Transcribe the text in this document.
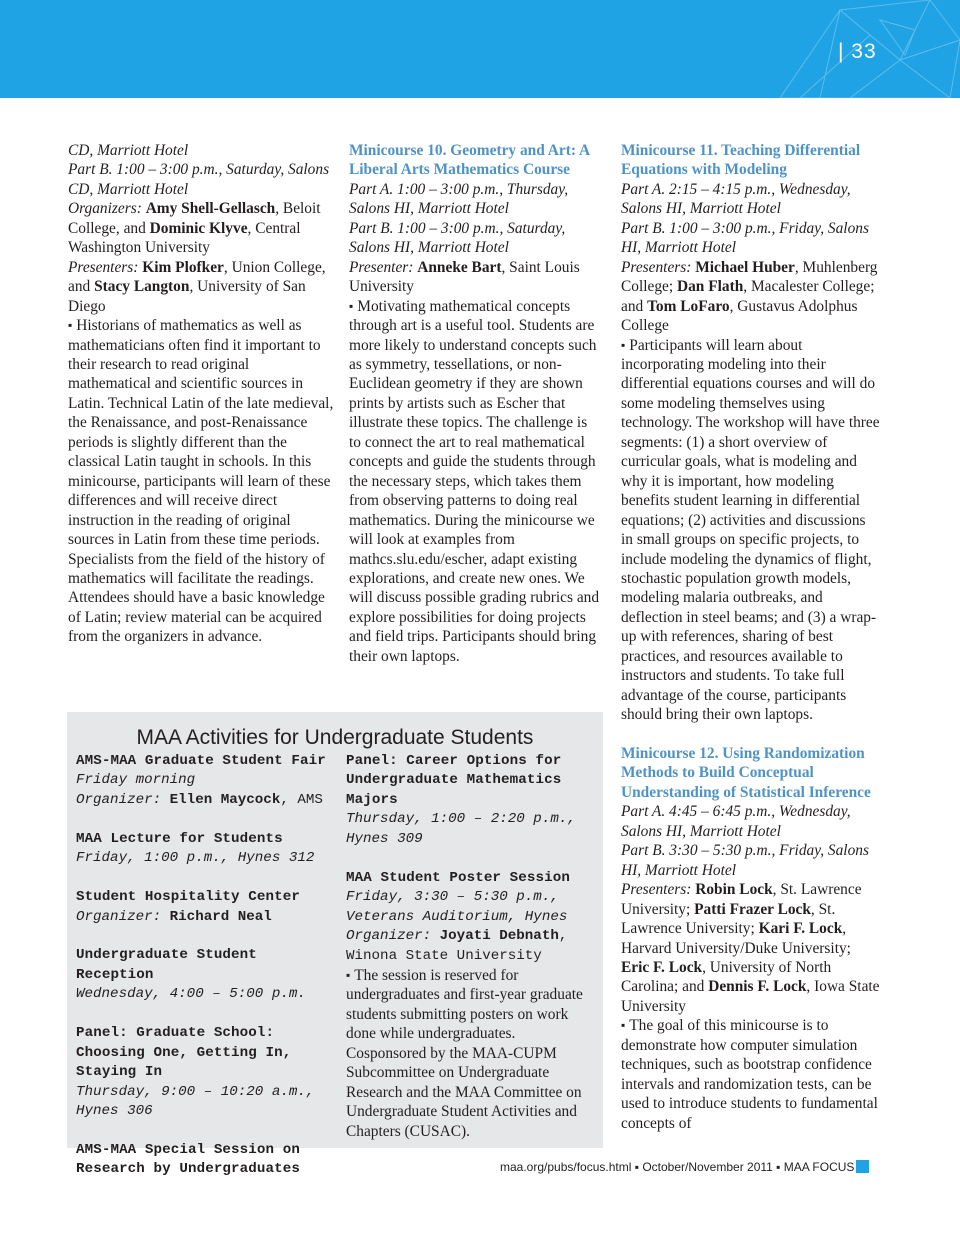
| 33

CD, Marriott Hotel

Part B. 1:00 – 3:00 p.m., Saturday, Salons CD, Marriott Hotel

Organizers: Amy Shell-Gellasch, Beloit College, and Dominic Klyve, Central Washington University

Presenters: Kim Plofker, Union College, and Stacy Langton, University of San Diego

▪ Historians of mathematics as well as mathematicians often find it important to their research to read original mathematical and scientific sources in Latin. Technical Latin of the late medieval, the Renaissance, and post-Renaissance periods is slightly different than the classical Latin taught in schools. In this minicourse, participants will learn of these differences and will receive direct instruction in the reading of original sources in Latin from these time periods. Specialists from the field of the history of mathematics will facilitate the readings. Attendees should have a basic knowledge of Latin; review material can be acquired from the organizers in advance.

Minicourse 10. Geometry and Art: A Liberal Arts Mathematics Course

Part A. 1:00 – 3:00 p.m., Thursday, Salons HI, Marriott Hotel

Part B. 1:00 – 3:00 p.m., Saturday, Salons HI, Marriott Hotel

Presenter: Anneke Bart, Saint Louis University

▪ Motivating mathematical concepts through art is a useful tool. Students are more likely to understand concepts such as symmetry, tessellations, or non-Euclidean geometry if they are shown prints by artists such as Escher that illustrate these topics. The challenge is to connect the art to real mathematical concepts and guide the students through the necessary steps, which takes them from observing patterns to doing real mathematics. During the minicourse we will look at examples from mathcs.slu.edu/escher, adapt existing explorations, and create new ones. We will discuss possible grading rubrics and explore possibilities for doing projects and field trips. Participants should bring their own laptops.

Minicourse 11. Teaching Differential Equations with Modeling

Part A. 2:15 – 4:15 p.m., Wednesday, Salons HI, Marriott Hotel

Part B. 1:00 – 3:00 p.m., Friday, Salons HI, Marriott Hotel

Presenters: Michael Huber, Muhlenberg College; Dan Flath, Macalester College; and Tom LoFaro, Gustavus Adolphus College

▪ Participants will learn about incorporating modeling into their differential equations courses and will do some modeling themselves using technology. The workshop will have three segments: (1) a short overview of curricular goals, what is modeling and why it is important, how modeling benefits student learning in differential equations; (2) activities and discussions in small groups on specific projects, to include modeling the dynamics of flight, stochastic population growth models, modeling malaria outbreaks, and deflection in steel beams; and (3) a wrap-up with references, sharing of best practices, and resources available to instructors and students. To take full advantage of the course, participants should bring their own laptops.

Minicourse 12. Using Randomization Methods to Build Conceptual Understanding of Statistical Inference

Part A. 4:45 – 6:45 p.m., Wednesday, Salons HI, Marriott Hotel

Part B. 3:30 – 5:30 p.m., Friday, Salons HI, Marriott Hotel

Presenters: Robin Lock, St. Lawrence University; Patti Frazer Lock, St. Lawrence University; Kari F. Lock, Harvard University/Duke University; Eric F. Lock, University of North Carolina; and Dennis F. Lock, Iowa State University

▪ The goal of this minicourse is to demonstrate how computer simulation techniques, such as bootstrap confidence intervals and randomization tests, can be used to introduce students to fundamental concepts of

MAA Activities for Undergraduate Students

AMS-MAA Graduate Student Fair

Friday morning

Organizer: Ellen Maycock, AMS

MAA Lecture for Students

Friday, 1:00 p.m., Hynes 312

Student Hospitality Center

Organizer: Richard Neal

Undergraduate Student Reception

Wednesday, 4:00 – 5:00 p.m.

Panel: Graduate School: Choosing One, Getting In, Staying In

Thursday, 9:00 – 10:20 a.m., Hynes 306

AMS-MAA Special Session on Research by Undergraduates

Panel: Career Options for Undergraduate Mathematics Majors

Thursday, 1:00 – 2:20 p.m., Hynes 309

MAA Student Poster Session

Friday, 3:30 – 5:30 p.m., Veterans Auditorium, Hynes

Organizer: Joyati Debnath, Winona State University

▪ The session is reserved for undergraduates and first-year graduate students submitting posters on work done while undergraduates. Cosponsored by the MAA-CUPM Subcommittee on Undergraduate Research and the MAA Committee on Undergraduate Student Activities and Chapters (CUSAC).

maa.org/pubs/focus.html ▪ October/November 2011 ▪ MAA FOCUS
